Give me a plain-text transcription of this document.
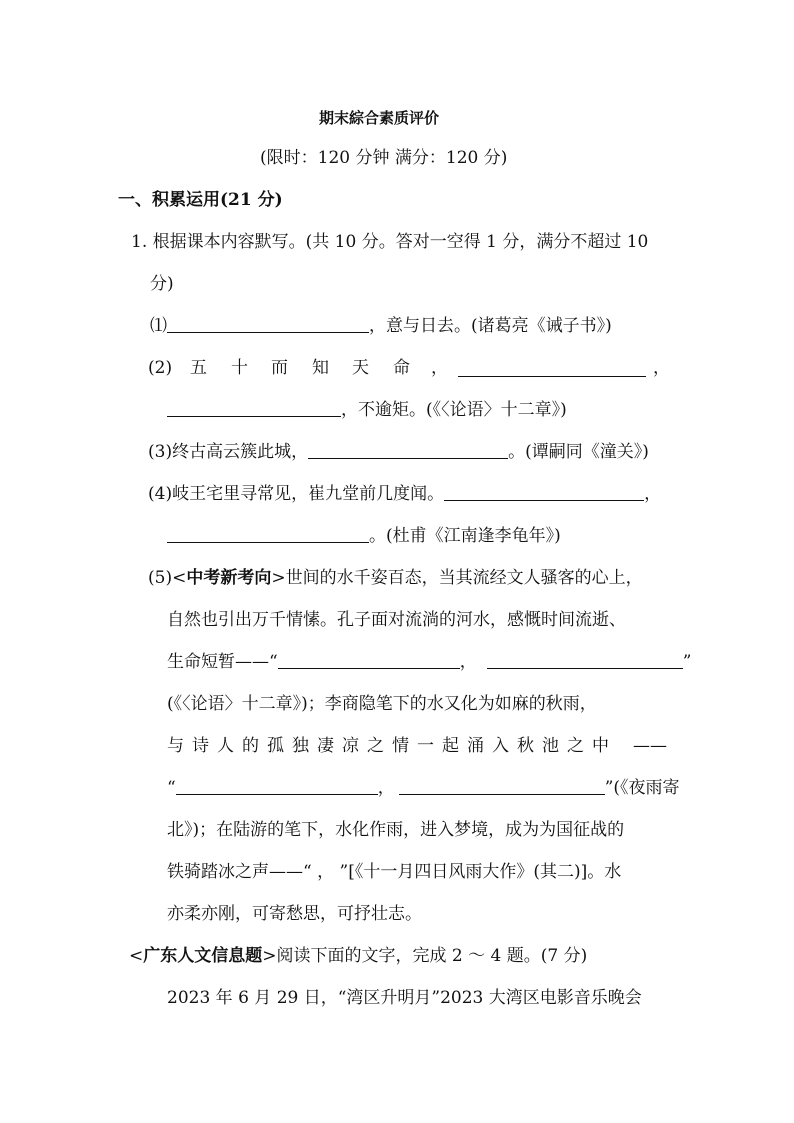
期末綜合素质评价
(限时：120 分钟 满分：120 分)
一、积累运用(21 分)
1. 根据课本内容默写。(共 10 分。答对一空得 1 分，满分不超过 10
分)
⑴	，意与日去。(诸葛亮《诫子书》)
(2) 五 十 而 知 天 命 ，	，
，不逾矩。(《〈论语〉十二章》)
(3)终古高云簇此城，	。(谭嗣同《潼关》)
(4)岐王宅里寻常见，崔九堂前几度闻。	，
。(杜甫《江南逢李龟年》)
(5)<中考新考向>世间的水千姿百态，当其流经文人骚客的心上，
自然也引出万千情愫。孔子面对流淌的河水，感慨时间流逝、
生命短暂——“	，	”
(《〈论语〉十二章》)；李商隐笔下的水又化为如麻的秋雨，
与 诗 人 的 孤 独 凄 凉 之 情 一 起 涌 入 秋 池 之 中 ——
“	，	”(《夜雨寄
北》)；在陆游的笔下，水化作雨，进入梦境，成为为国征战的
铁骑踏冰之声——“ ， ”[《十一月四日风雨大作》(其二)]。水
亦柔亦刚，可寄愁思，可抒壮志。
<广东人文信息题>阅读下面的文字，完成 2 ～ 4 题。(7 分)
2023 年 6 月 29 日，“湾区升明月”2023 大湾区电影音乐晚会
